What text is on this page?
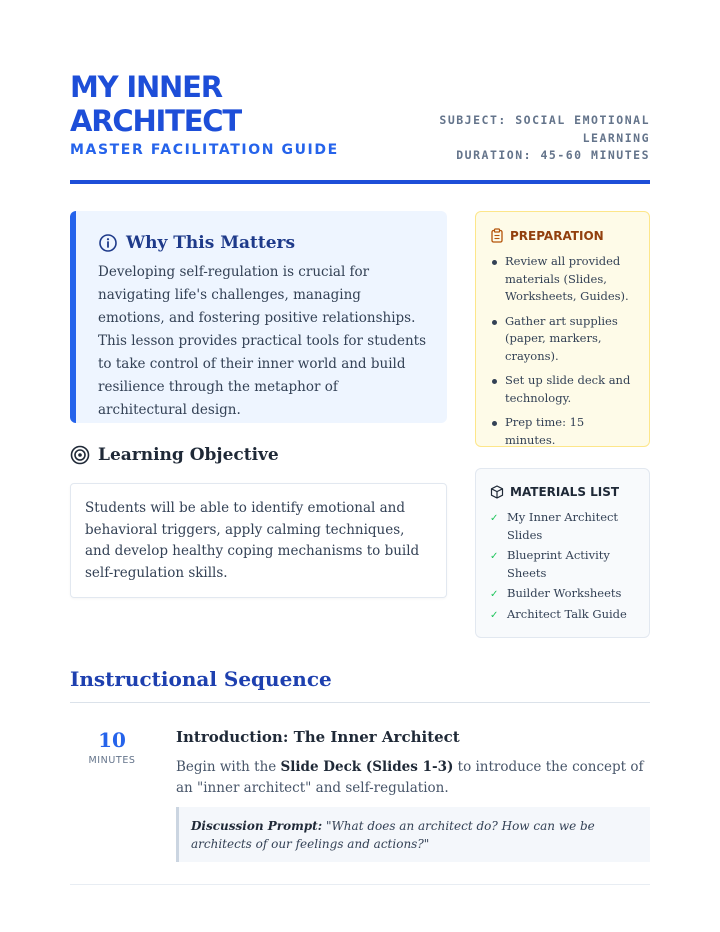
MY INNER
ARCHITECT
MASTER FACILITATION GUIDE
SUBJECT: SOCIAL EMOTIONAL
LEARNING
DURATION: 45-60 MINUTES
Why This Matters
Developing self-regulation is crucial for navigating life's challenges, managing emotions, and fostering positive relationships. This lesson provides practical tools for students to take control of their inner world and build resilience through the metaphor of architectural design.
Learning Objective
Students will be able to identify emotional and behavioral triggers, apply calming techniques, and develop healthy coping mechanisms to build self-regulation skills.
PREPARATION
Review all provided materials (Slides, Worksheets, Guides).
Gather art supplies (paper, markers, crayons).
Set up slide deck and technology.
Prep time: 15 minutes.
MATERIALS LIST
✓ My Inner Architect Slides
✓ Blueprint Activity Sheets
✓ Builder Worksheets
✓ Architect Talk Guide
Instructional Sequence
10
MINUTES
Introduction: The Inner Architect
Begin with the Slide Deck (Slides 1-3) to introduce the concept of an "inner architect" and self-regulation.
Discussion Prompt: "What does an architect do? How can we be architects of our feelings and actions?"
